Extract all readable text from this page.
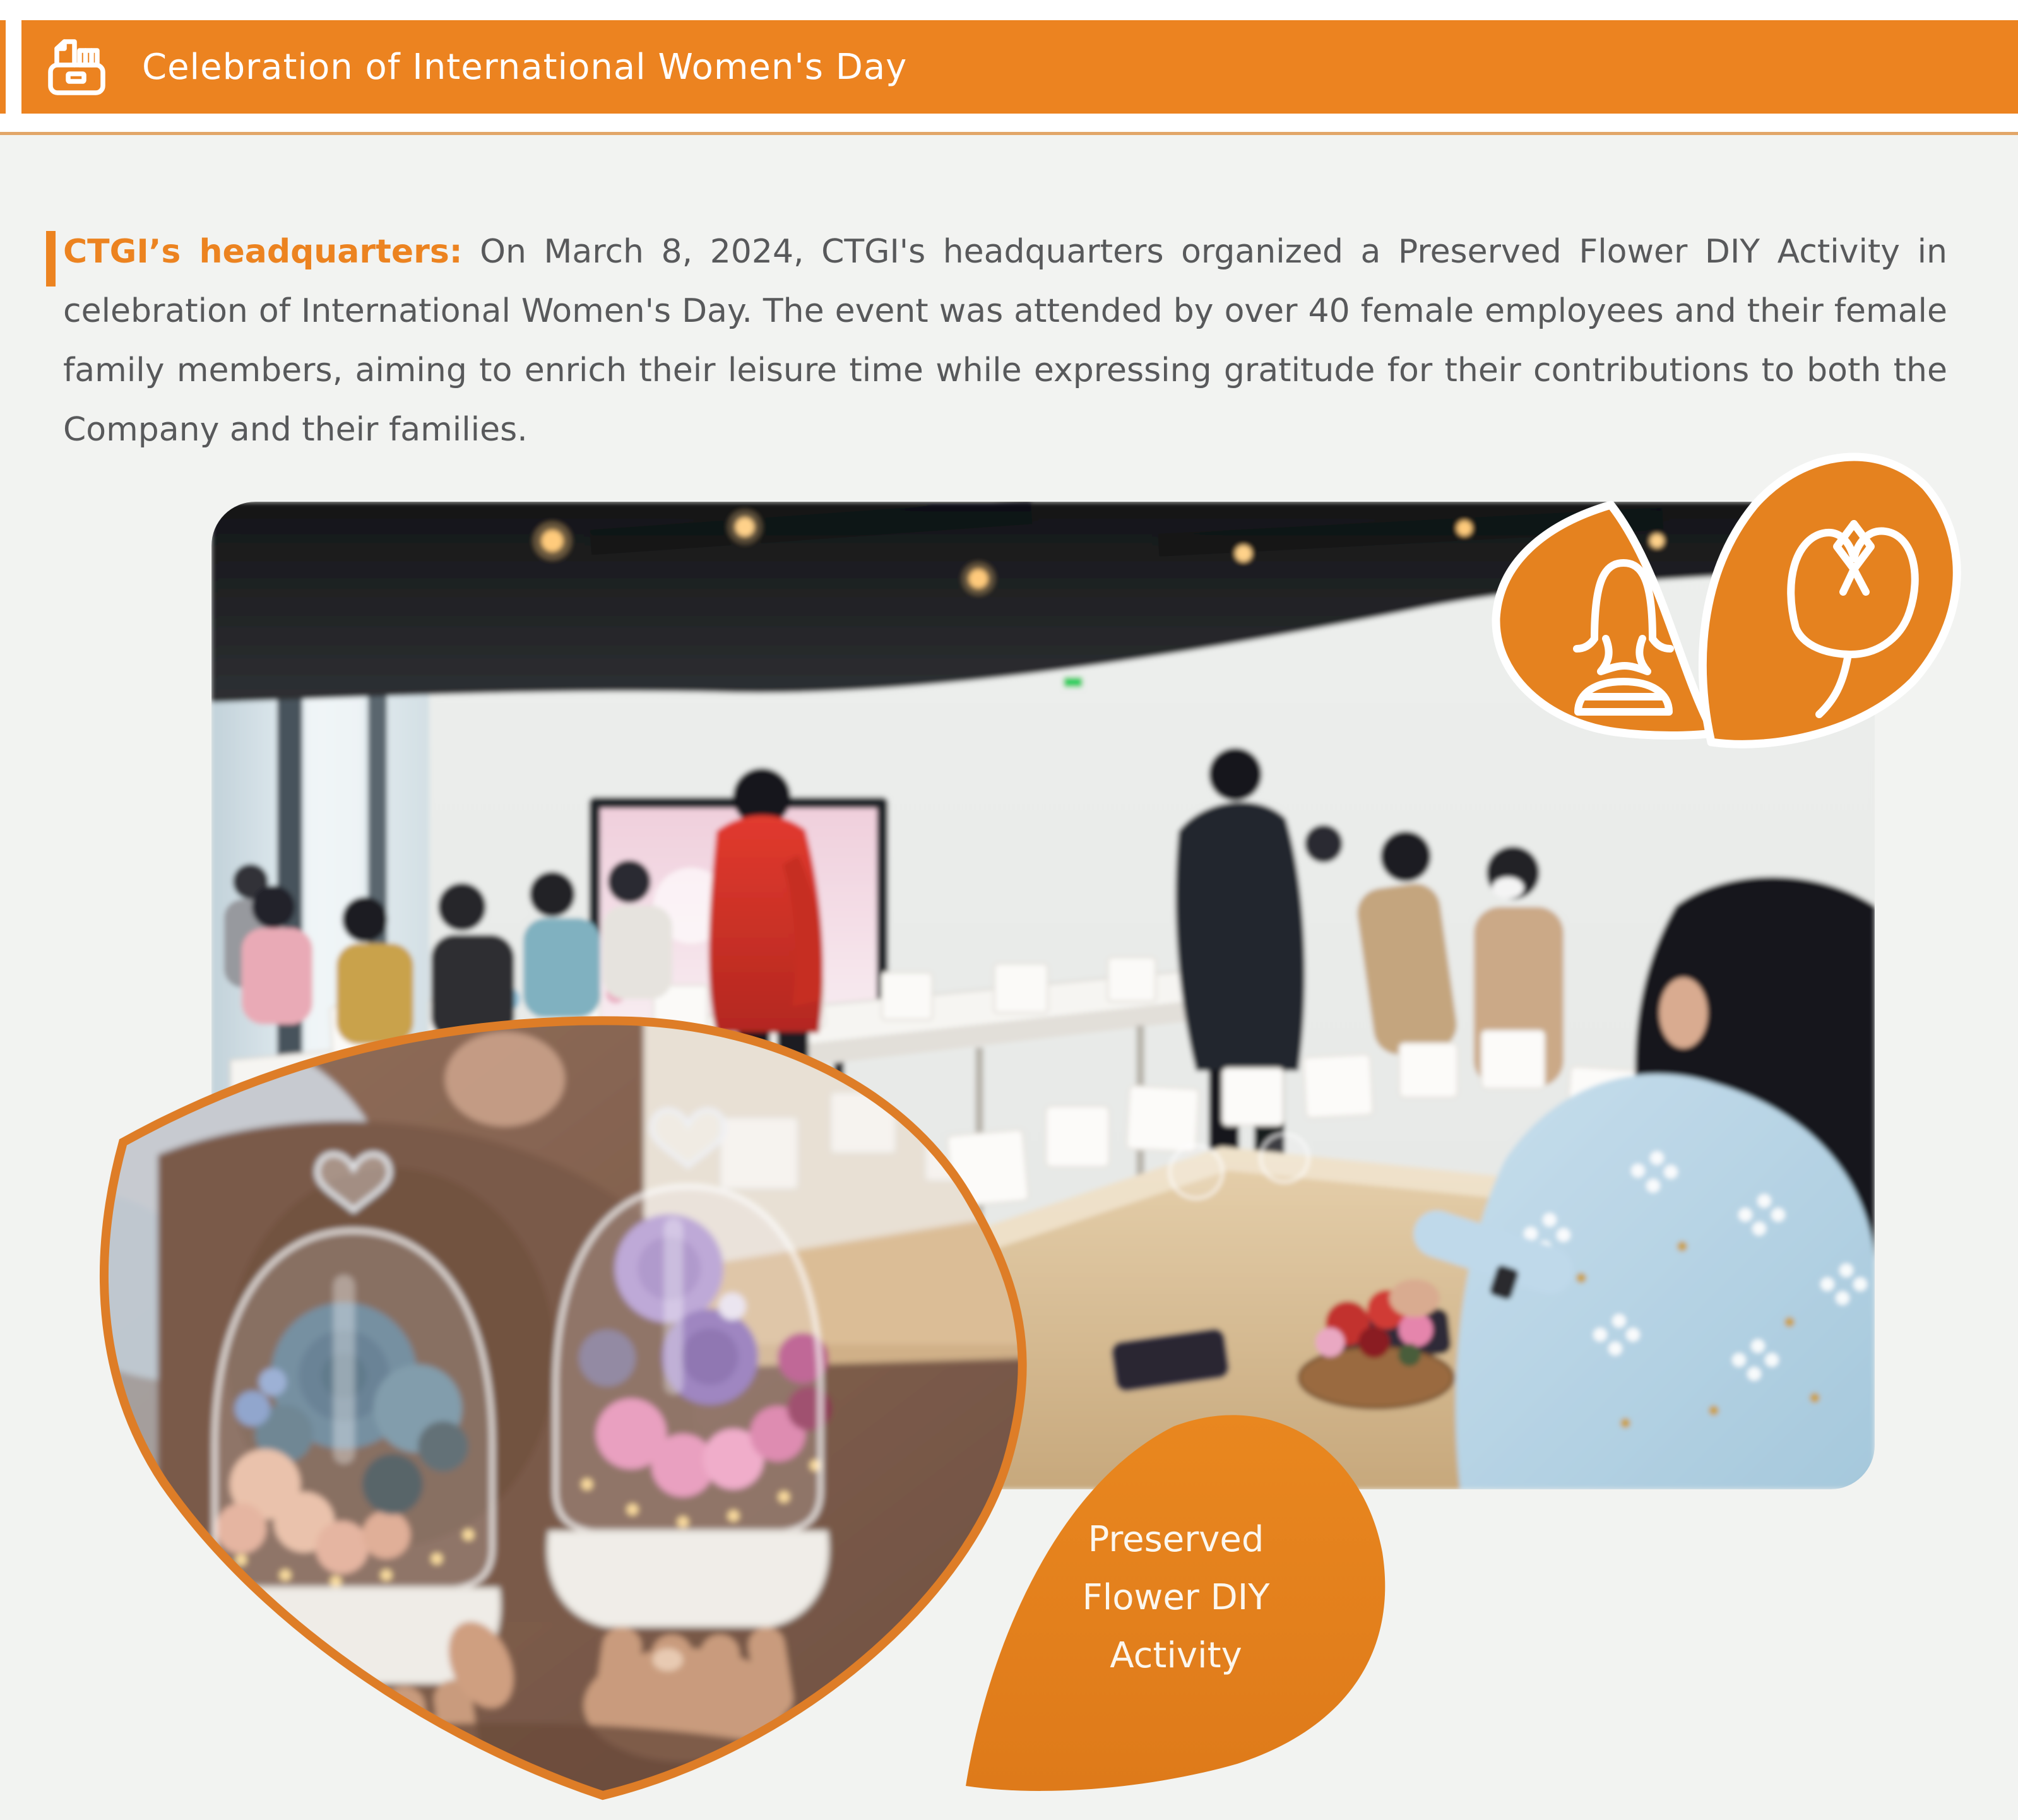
Celebration of International Women's Day
CTGI’s headquarters: On March 8, 2024, CTGI's headquarters organized a Preserved Flower DIY Activity in celebration of International Women's Day. The event was attended by over 40 female employees and their female family members, aiming to enrich their leisure time while expressing gratitude for their contributions to both the Company and their families.
Preserved
Flower DIY
Activity
